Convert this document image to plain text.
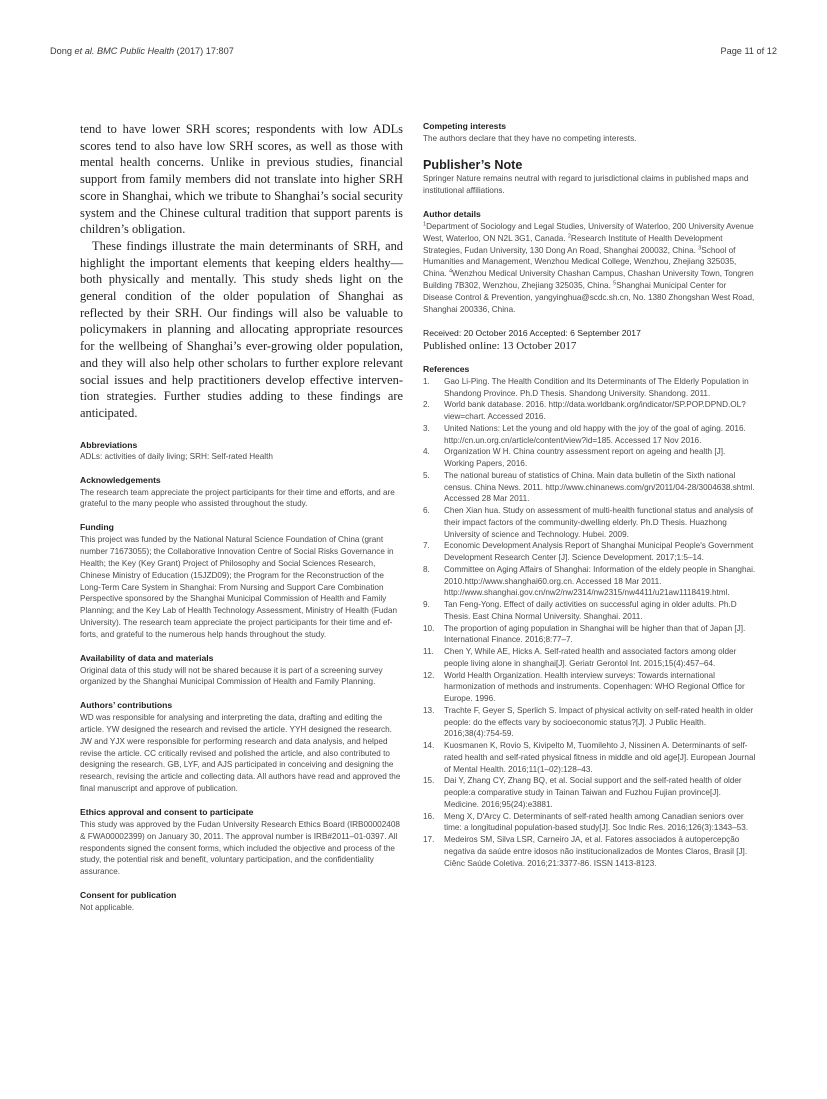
Dong et al. BMC Public Health (2017) 17:807	Page 11 of 12

tend to have lower SRH scores; respondents with low ADLs scores tend to also have low SRH scores, as well as those with mental health concerns. Unlike in previous studies, financial support from family members did not translate into higher SRH score in Shanghai, which we tribute to Shanghai’s social security system and the Chinese cultural tradition that support parents is children’s obligation.

These findings illustrate the main determinants of SRH, and highlight the important elements that keeping elders healthy—both physically and mentally. This study sheds light on the general condition of the older population of Shanghai as reflected by their SRH. Our findings will also be valuable to policymakers in planning and allocating appropriate resources for the wellbeing of Shanghai’s ever-growing older population, and they will also help other scholars to further explore relevant social issues and help practitioners develop effective intervention strategies. Further studies adding to these findings are anticipated.

Abbreviations

ADLs: activities of daily living; SRH: Self-rated Health

Acknowledgements

The research team appreciate the project participants for their time and efforts, and are grateful to the many people who assisted throughout the study.

Funding

This project was funded by the National Natural Science Foundation of China (grant number 71673055); the Collaborative Innovation Centre of Social Risks Governance in Health; the Key (Key Grant) Project of Philosophy and Social Sciences Research, Chinese Ministry of Education (15JZD09); the Program for the Reconstruction of the Long-Term Care System in Shanghai: From Nursing and Support Care Combination Perspective sponsored by the Shanghai Municipal Commission of Health and Family Planning; and the Key Lab of Health Technology Assessment, Ministry of Health (Fudan University). The research team appreciate the project participants for their time and efforts, and grateful to the numerous help hands throughout the study.

Availability of data and materials

Original data of this study will not be shared because it is part of a screening survey organized by the Shanghai Municipal Commission of Health and Family Planning.

Authors’ contributions

WD was responsible for analysing and interpreting the data, drafting and editing the article. YW designed the research and revised the article. YYH designed the research. JW and YJX were responsible for performing research and data analysis, and helped revise the article. CC critically revised and polished the article, and also contributed to designing the research. GB, LYF, and AJS participated in conceiving and designing the research, revising the article and collecting data. All authors have read and approved the final manuscript and approve of publication.

Ethics approval and consent to participate

This study was approved by the Fudan University Research Ethics Board (IRB00002408 & FWA00002399) on January 30, 2011. The approval number is IRB#2011–01-0397. All respondents signed the consent forms, which included the objective and process of the study, the potential risk and benefit, voluntary participation, and the confidentiality assurance.

Consent for publication

Not applicable.

Competing interests

The authors declare that they have no competing interests.

Publisher’s Note

Springer Nature remains neutral with regard to jurisdictional claims in published maps and institutional affiliations.

Author details

$^1$Department of Sociology and Legal Studies, University of Waterloo, 200 University Avenue West, Waterloo, ON N2L 3G1, Canada. $^2$Research Institute of Health Development Strategies, Fudan University, 130 Dong An Road, Shanghai 200032, China. $^3$School of Humanities and Management, Wenzhou Medical College, Wenzhou, Zhejiang 325035, China. $^4$Wenzhou Medical University Chashan Campus, Chashan University Town, Tongren Building 7B302, Wenzhou, Zhejiang 325035, China. $^5$Shanghai Municipal Center for Disease Control & Prevention, yangyinghua@scdc.sh.cn, No. 1380 Zhongshan West Road, Shanghai 200336, China.

Received: 20 October 2016 Accepted: 6 September 2017

Published online: 13 October 2017

References

1. Gao Li-Ping. The Health Condition and Its Determinants of The Elderly Population in Shandong Province. Ph.D Thesis. Shandong University. Shandong. 2011.
2. World bank database. 2016. http://data.worldbank.org/indicator/SP.POP.DPND.OL?view=chart. Accessed 2016.
3. United Nations: Let the young and old happy with the joy of the goal of aging. 2016. http://cn.un.org.cn/article/content/view?id=185. Accessed 17 Nov 2016.
4. Organization W H. China country assessment report on ageing and health [J]. Working Papers, 2016.
5. The national bureau of statistics of China. Main data bulletin of the Sixth national census. China News. 2011. http://www.chinanews.com/gn/2011/04-28/3004638.shtml. Accessed 28 Mar 2011.
6. Chen Xian hua. Study on assessment of multi-health functional status and analysis of their impact factors of the community-dwelling elderly. Ph.D Thesis. Huazhong University of science and Technology. Hubei. 2009.
7. Economic Development Analysis Report of Shanghai Municipal People's Government Development Research Center [J]. Science Development. 2017;1:5–14.
8. Committee on Aging Affairs of Shanghai: Information of the eldely people in Shanghai. 2010.http://www.shanghai60.org.cn. Accessed 18 Mar 2011. http://www.shanghai.gov.cn/nw2/nw2314/nw2315/nw4411/u21aw1118419.html.
9. Tan Feng-Yong. Effect of daily activities on successful aging in older adults. Ph.D Thesis. East China Normal University. Shanghai. 2011.
10. The proportion of aging population in Shanghai will be higher than that of Japan [J]. International Finance. 2016;8:77–7.
11. Chen Y, While AE, Hicks A. Self-rated health and associated factors among older people living alone in shanghai[J]. Geriatr Gerontol Int. 2015;15(4):457–64.
12. World Health Organization. Health interview surveys: Towards international harmonization of methods and instruments. Copenhagen: WHO Regional Office for Europe. 1996.
13. Trachte F, Geyer S, Sperlich S. Impact of physical activity on self-rated health in older people: do the effects vary by socioeconomic status?[J]. J Public Health. 2016;38(4):754-59.
14. Kuosmanen K, Rovio S, Kivipelto M, Tuomilehto J, Nissinen A. Determinants of self-rated health and self-rated physical fitness in middle and old age[J]. European Journal of Mental Health. 2016;11(1–02):128–43.
15. Dai Y, Zhang CY, Zhang BQ, et al. Social support and the self-rated health of older people:a comparative study in Tainan Taiwan and Fuzhou Fujian province[J]. Medicine. 2016;95(24):e3881.
16. Meng X, D'Arcy C. Determinants of self-rated health among Canadian seniors over time: a longitudinal population-based study[J]. Soc Indic Res. 2016;126(3):1343–53.
17. Medeiros SM, Silva LSR, Carneiro JA, et al. Fatores associados à autopercepção negativa da saúde entre idosos não institucionalizados de Montes Claros, Brasil [J]. Ciênc Saúde Coletiva. 2016;21:3377-86. ISSN 1413-8123.
